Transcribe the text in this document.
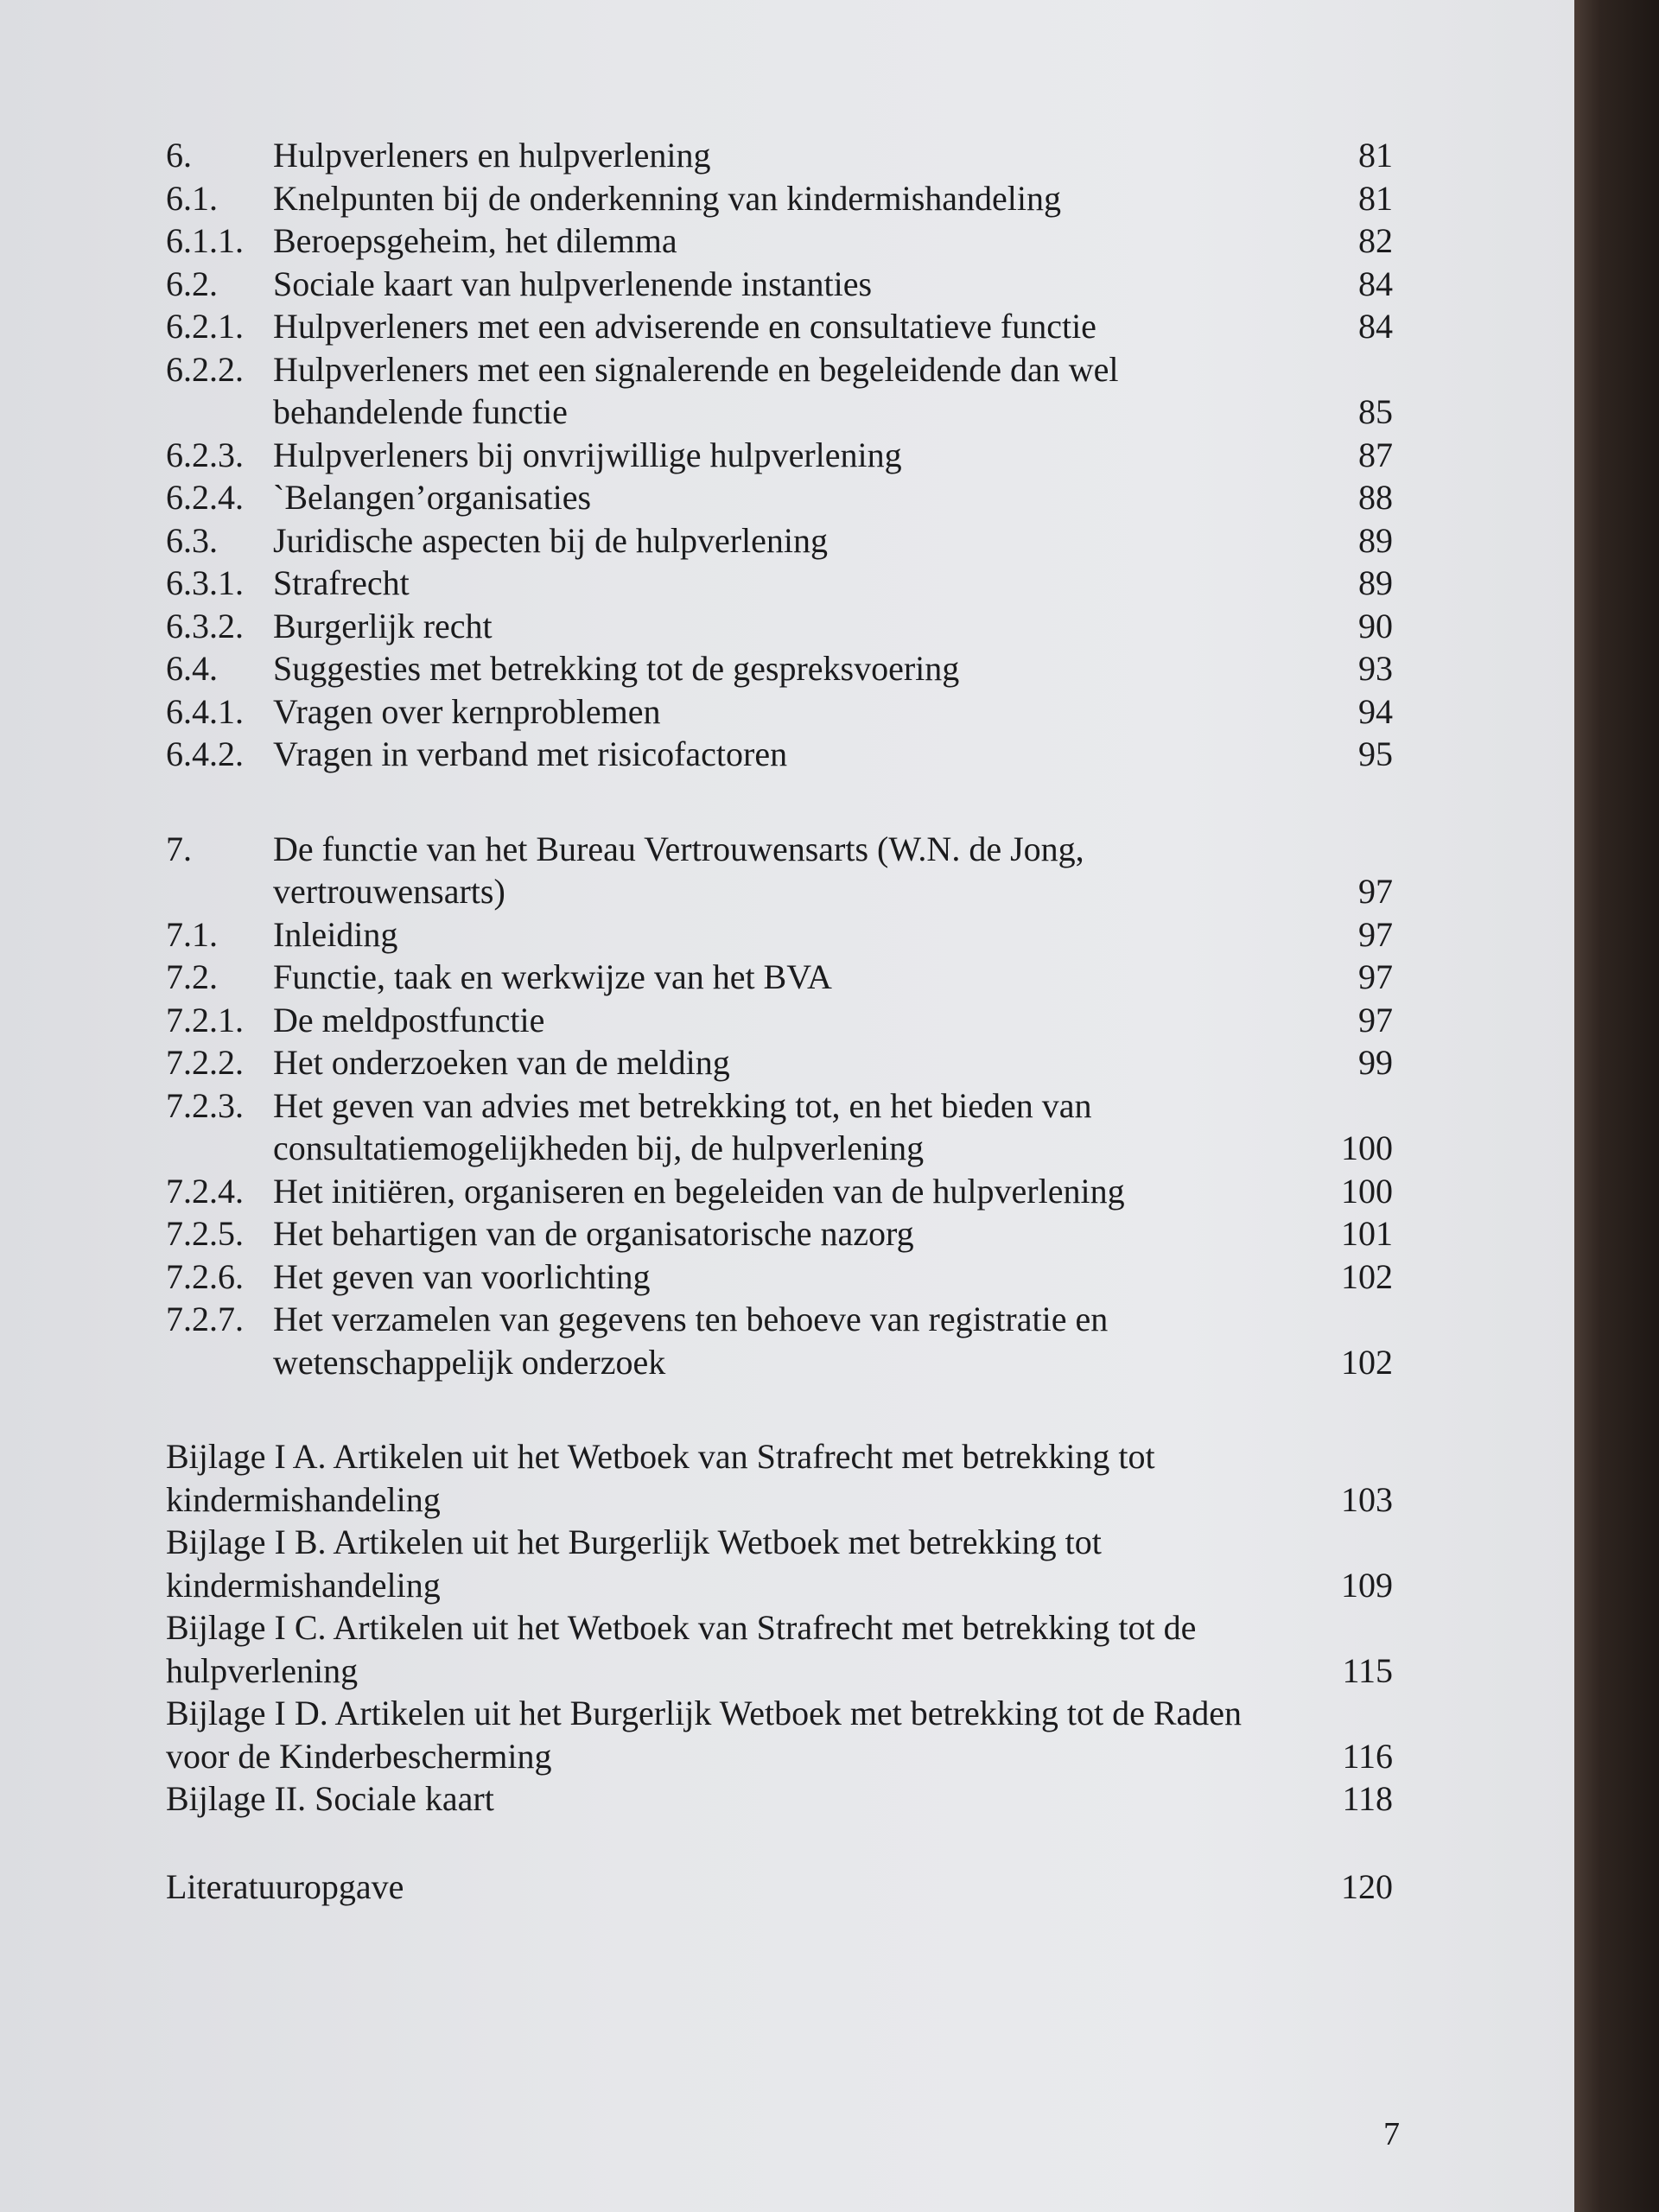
6.	Hulpverleners en hulpverlening	81
6.1.	Knelpunten bij de onderkenning van kindermishandeling	81
6.1.1. Beroepsgeheim, het dilemma	82
6.2.	Sociale kaart van hulpverlenende instanties	84
6.2.1. Hulpverleners met een adviserende en consultatieve functie	84
6.2.2. Hulpverleners met een signalerende en begeleidende dan wel
behandelende functie	85
6.2.3. Hulpverleners bij onvrijwillige hulpverlening	87
6.2.4. `Belangen’organisaties	88
6.3.	Juridische aspecten bij de hulpverlening	89
6.3.1. Strafrecht	89
6.3.2. Burgerlijk recht	90
6.4.	Suggesties met betrekking tot de gespreksvoering	93
6.4.1. Vragen over kernproblemen	94
6.4.2. Vragen in verband met risicofactoren	95
7.	De functie van het Bureau Vertrouwensarts (W.N. de Jong,
vertrouwensarts)	97
7.1.	Inleiding	97
7.2.	Functie, taak en werkwijze van het BVA	97
7.2.1. De meldpostfunctie	97
7.2.2. Het onderzoeken van de melding	99
7.2.3. Het geven van advies met betrekking tot, en het bieden van
consultatiemogelijkheden bij, de hulpverlening	100
7.2.4. Het initiëren, organiseren en begeleiden van de hulpverlening	100
7.2.5. Het behartigen van de organisatorische nazorg	101
7.2.6. Het geven van voorlichting	102
7.2.7. Het verzamelen van gegevens ten behoeve van registratie en
wetenschappelijk onderzoek	102
Bijlage I A. Artikelen uit het Wetboek van Strafrecht met betrekking tot
kindermishandeling	103
Bijlage I B. Artikelen uit het Burgerlijk Wetboek met betrekking tot
kindermishandeling	109
Bijlage I C. Artikelen uit het Wetboek van Strafrecht met betrekking tot de
hulpverlening	115
Bijlage I D. Artikelen uit het Burgerlijk Wetboek met betrekking tot de Raden
voor de Kinderbescherming	116
Bijlage II. Sociale kaart	118
Literatuuropgave	120
7
